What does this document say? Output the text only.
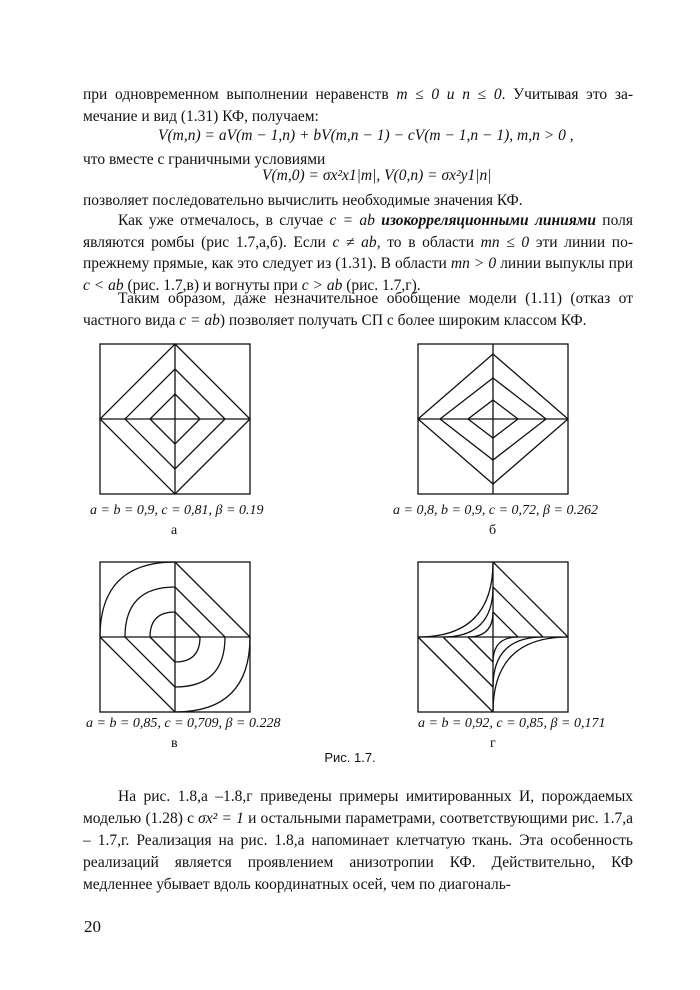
при одновременном выполнении неравенств m ≤ 0 и n ≤ 0. Учитывая это за- мечание и вид (1.31) КФ, получаем:

V(m,n) = aV(m − 1,n) + bV(m,n − 1) − cV(m − 1,n − 1), m,n > 0 ,

что вместе с граничными условиями

V(m,0) = σx²x1|m|, V(0,n) = σx²y1|n|

позволяет последовательно вычислить необходимые значения КФ.

Как уже отмечалось, в случае c = ab изокорреляционными линиями поля являются ромбы (рис 1.7,а,б). Если c ≠ ab, то в области mn ≤ 0 эти линии по-прежнему прямые, как это следует из (1.31). В области mn > 0 линии выпуклы при c < ab (рис. 1.7,в) и вогнуты при c > ab (рис. 1.7,г).

Таким образом, даже незначительное обобщение модели (1.11) (отказ от частного вида c = ab) позволяет получать СП с более широким классом КФ.

a = b = 0,9, c = 0,81, β = 0.19
а
a = 0,8, b = 0,9, c = 0,72, β = 0.262
б
a = b = 0,85, c = 0,709, β = 0.228
в
a = b = 0,92, c = 0,85, β = 0,171
г
Рис. 1.7.

На рис. 1.8,а –1.8,г приведены примеры имитированных И, порождаемых моделью (1.28) с σx² = 1 и остальными параметрами, соответствующими рис. 1.7,а – 1.7,г. Реализация на рис. 1.8,а напоминает клетчатую ткань. Эта особенность реализаций является проявлением анизотропии КФ. Действительно, КФ медленнее убывает вдоль координатных осей, чем по диагональ-

20
